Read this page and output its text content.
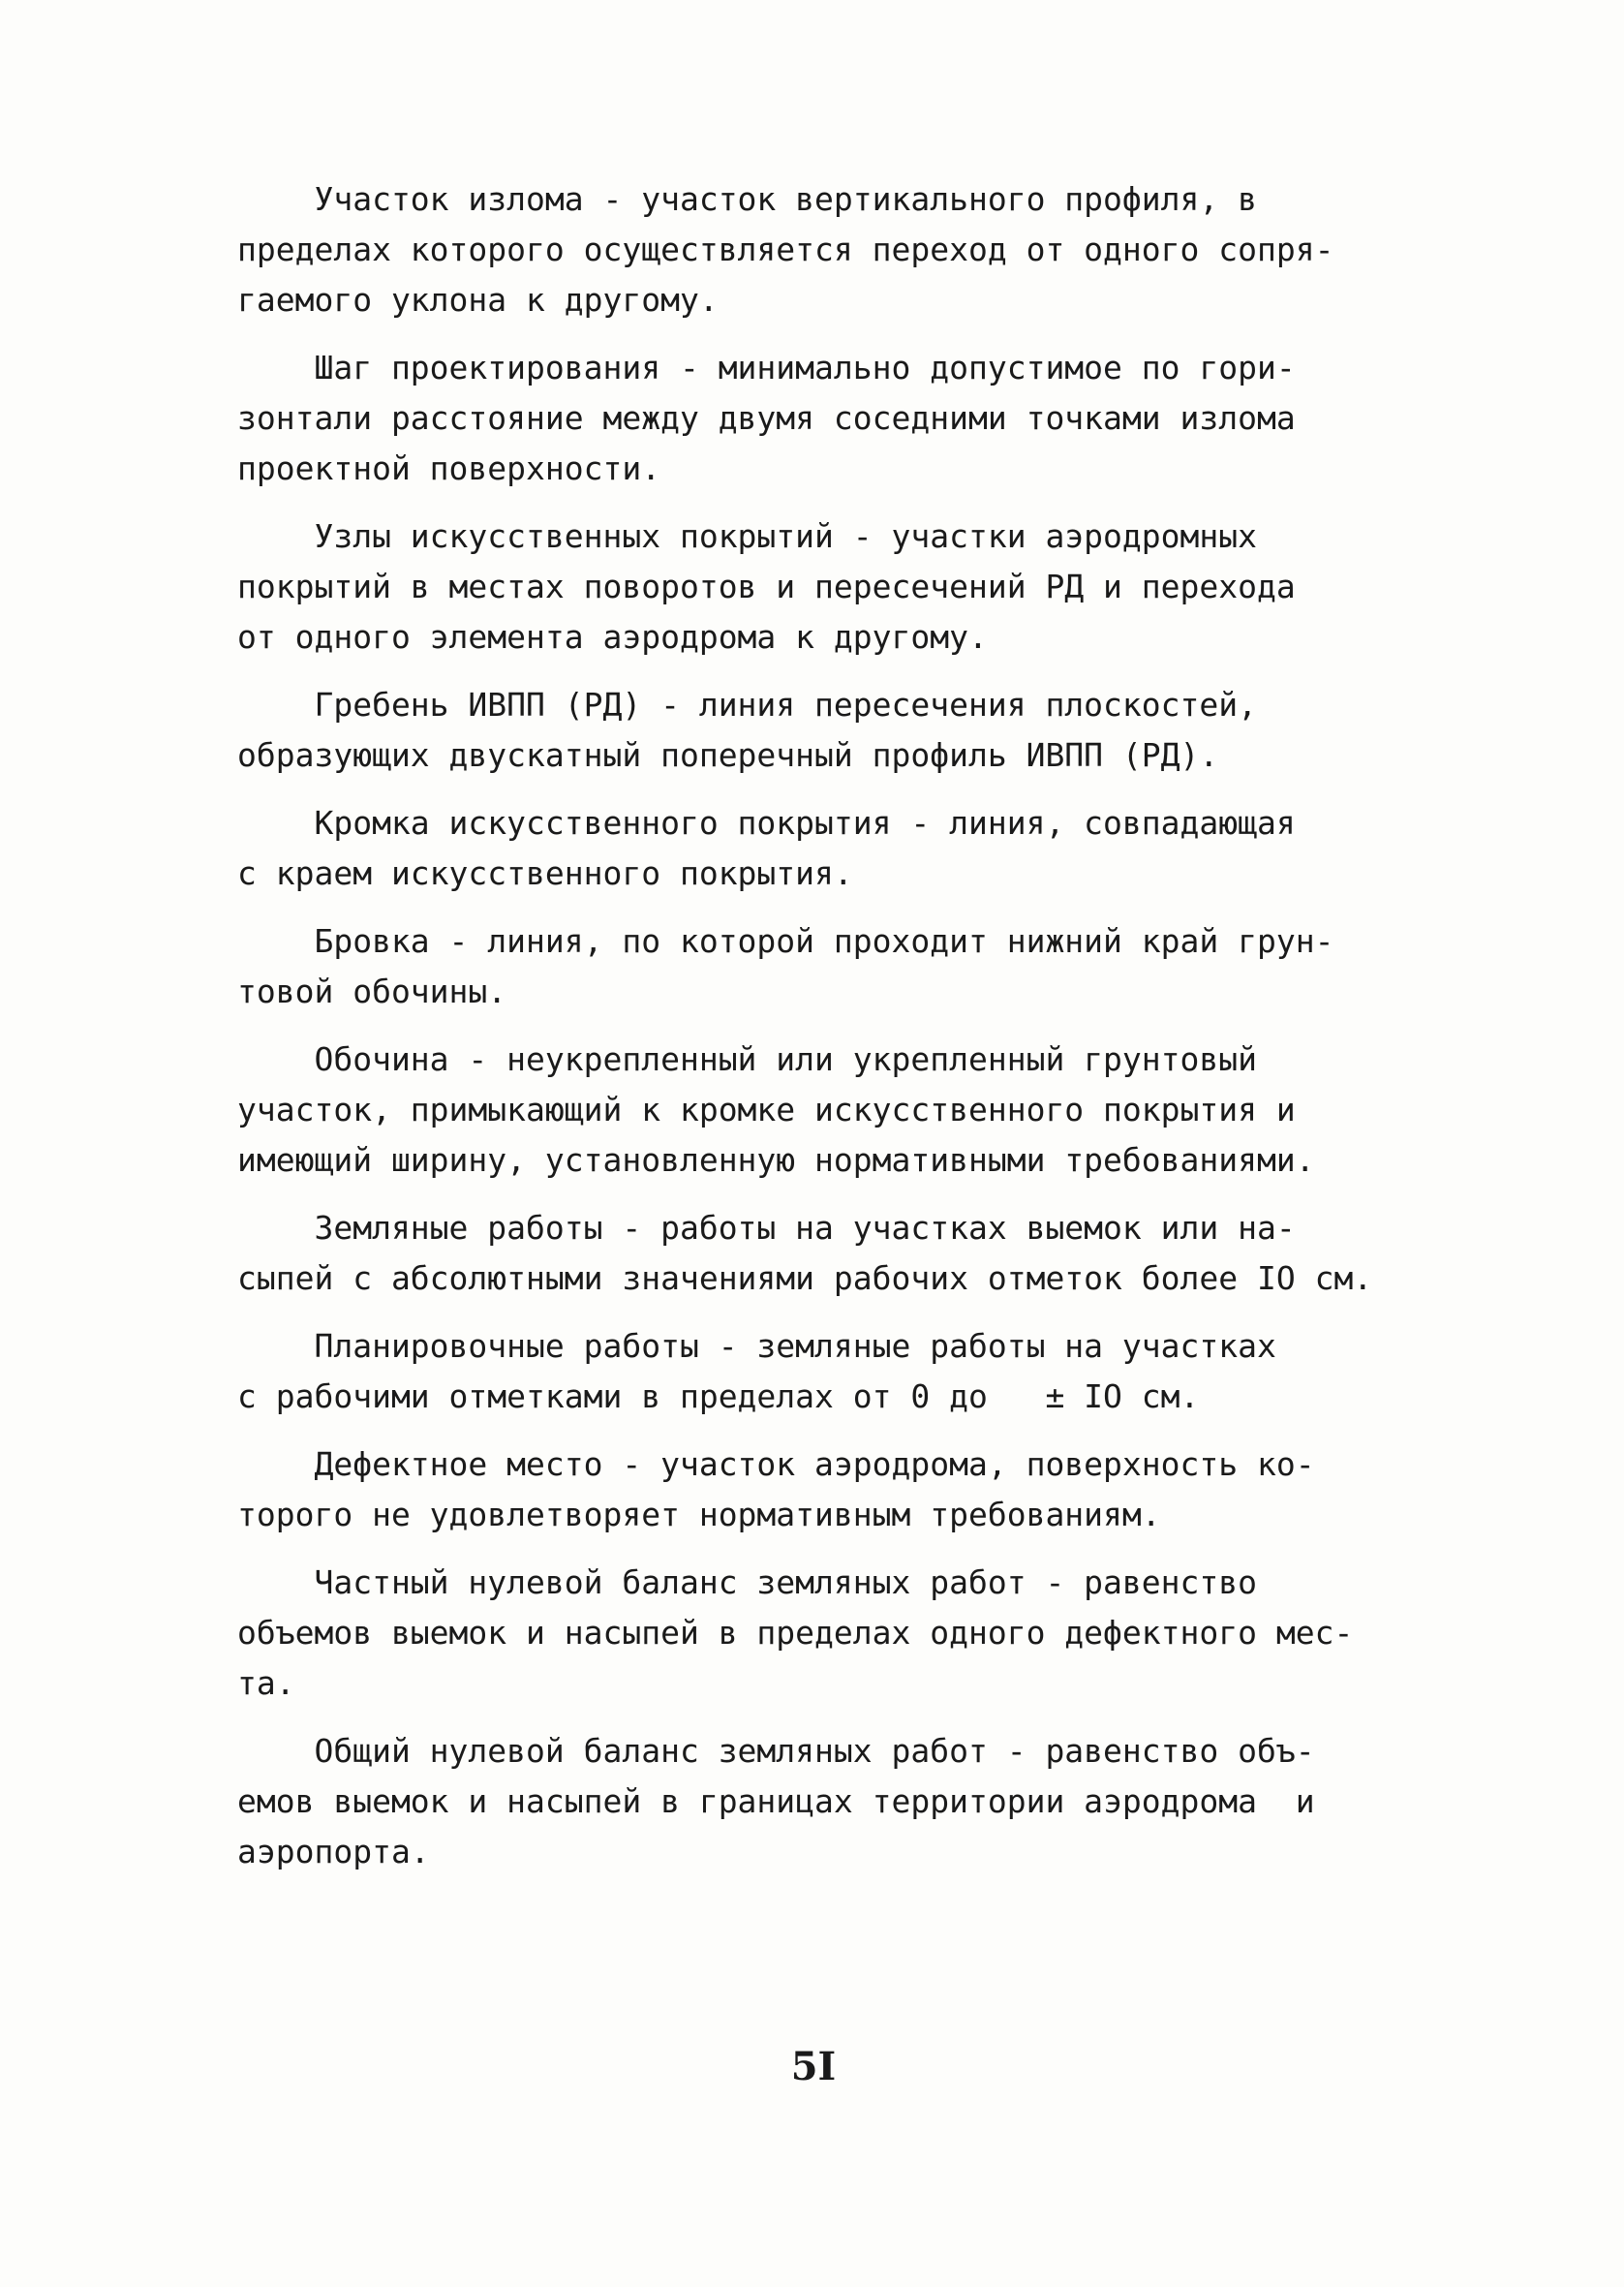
Участок излома - участок вертикального профиля, в
пределах которого осуществляется переход от одного сопря-
гаемого уклона к другому.
Шаг проектирования - минимально допустимое по гори-
зонтали расстояние между двумя соседними точками излома
проектной поверхности.
Узлы искусственных покрытий - участки аэродромных
покрытий в местах поворотов и пересечений РД и перехода
от одного элемента аэродрома к другому.
Гребень ИВПП (РД) - линия пересечения плоскостей,
образующих двускатный поперечный профиль ИВПП (РД).
Кромка искусственного покрытия - линия, совпадающая
с краем искусственного покрытия.
Бровка - линия, по которой проходит нижний край грун-
товой обочины.
Обочина - неукрепленный или укрепленный грунтовый
участок, примыкающий к кромке искусственного покрытия и
имеющий ширину, установленную нормативными требованиями.
Земляные работы - работы на участках выемок или на-
сыпей с абсолютными значениями рабочих отметок более IO см.
Планировочные работы - земляные работы на участках
с рабочими отметками в пределах от 0 до   ± IO см.
Дефектное место - участок аэродрома, поверхность ко-
торого не удовлетворяет нормативным требованиям.
Частный нулевой баланс земляных работ - равенство
объемов выемок и насыпей в пределах одного дефектного мес-
та.
Общий нулевой баланс земляных работ - равенство объ-
емов выемок и насыпей в границах территории аэродрома  и
аэропорта.
5I
